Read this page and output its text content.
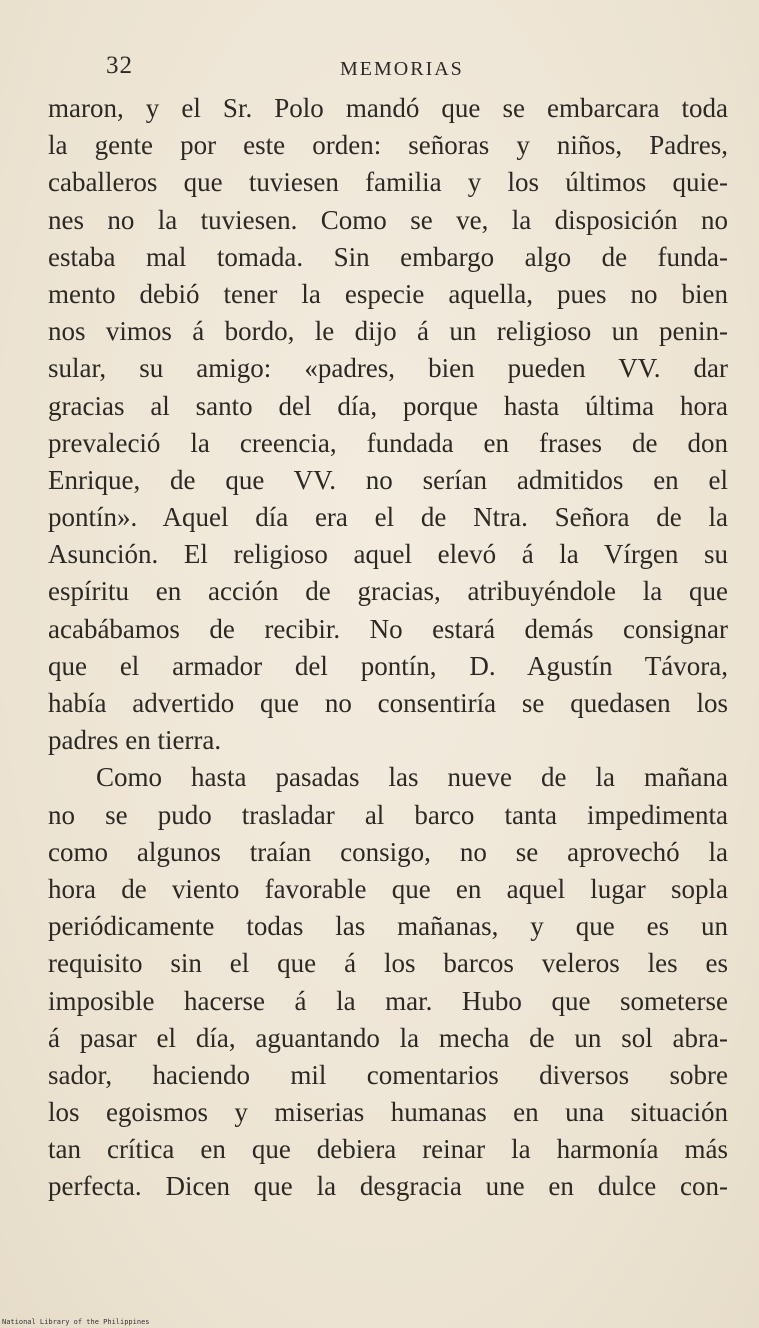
32	MEMORIAS
maron, y el Sr. Polo mandó que se embarcara toda
la gente por este orden: señoras y niños, Padres,
caballeros que tuviesen familia y los últimos quie-
nes no la tuviesen. Como se ve, la disposición no
estaba mal tomada. Sin embargo algo de funda-
mento debió tener la especie aquella, pues no bien
nos vimos á bordo, le dijo á un religioso un penin-
sular, su amigo: «padres, bien pueden VV. dar
gracias al santo del día, porque hasta última hora
prevaleció la creencia, fundada en frases de don
Enrique, de que VV. no serían admitidos en el
pontín». Aquel día era el de Ntra. Señora de la
Asunción. El religioso aquel elevó á la Vírgen su
espíritu en acción de gracias, atribuyéndole la que
acabábamos de recibir. No estará demás consignar
que el armador del pontín, D. Agustín Távora,
había advertido que no consentiría se quedasen los
padres en tierra.
Como hasta pasadas las nueve de la mañana
no se pudo trasladar al barco tanta impedimenta
como algunos traían consigo, no se aprovechó la
hora de viento favorable que en aquel lugar sopla
periódicamente todas las mañanas, y que es un
requisito sin el que á los barcos veleros les es
imposible hacerse á la mar. Hubo que someterse
á pasar el día, aguantando la mecha de un sol abra-
sador, haciendo mil comentarios diversos sobre
los egoismos y miserias humanas en una situación
tan crítica en que debiera reinar la harmonía más
perfecta. Dicen que la desgracia une en dulce con-
National Library of the Philippines
